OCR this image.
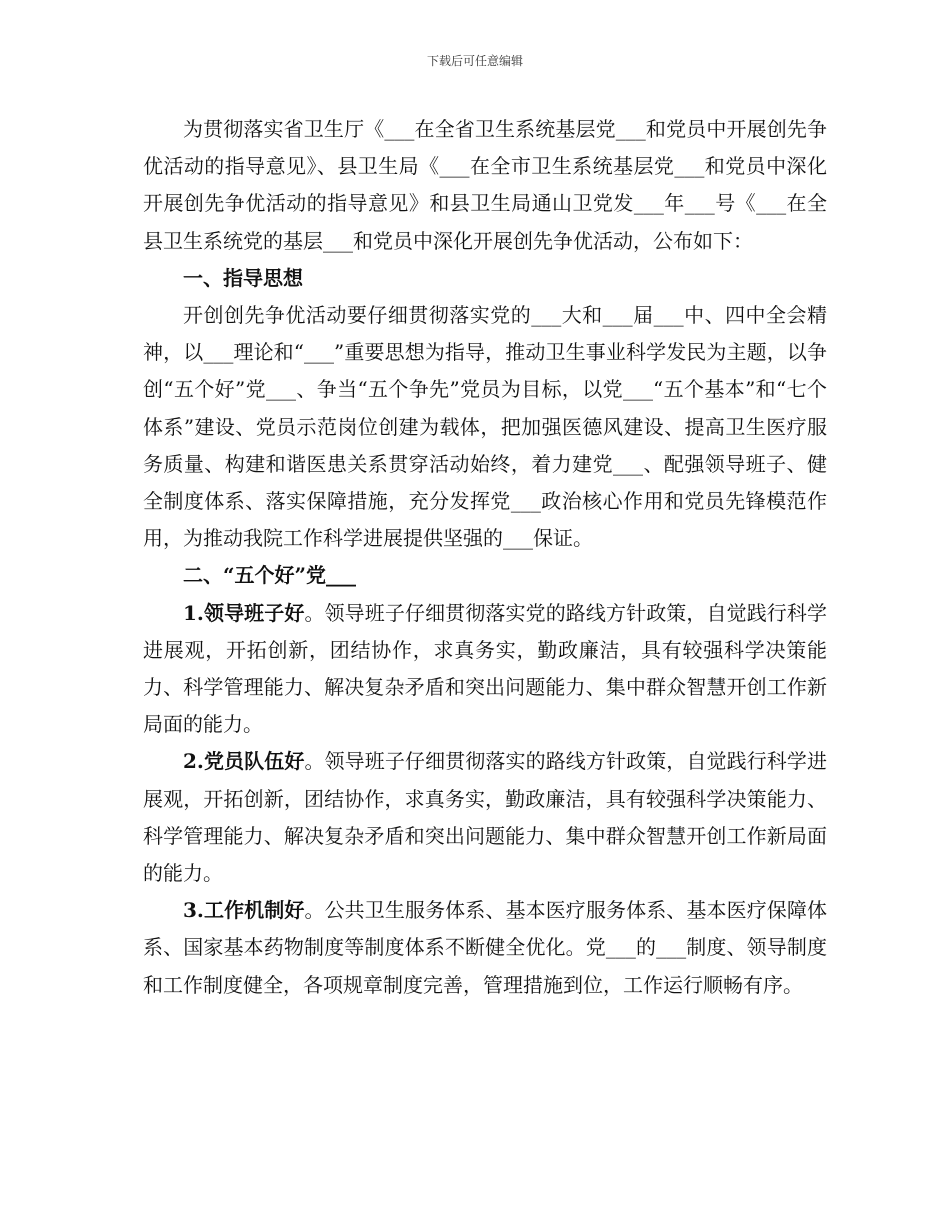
下载后可任意编辑

为贯彻落实省卫生厅《___在全省卫生系统基层党___和党员中开展创先争优活动的指导意见》、县卫生局《___在全市卫生系统基层党___和党员中深化开展创先争优活动的指导意见》和县卫生局通山卫党发___年___号《___在全县卫生系统党的基层___和党员中深化开展创先争优活动，公布如下：

一、指导思想

开创创先争优活动要仔细贯彻落实党的___大和___届___中、四中全会精神，以___理论和“___”重要思想为指导，推动卫生事业科学发民为主题，以争创“五个好”党___、争当“五个争先”党员为目标，以党___“五个基本”和“七个体系”建设、党员示范岗位创建为载体，把加强医德风建设、提高卫生医疗服务质量、构建和谐医患关系贯穿活动始终，着力建党___、配强领导班子、健全制度体系、落实保障措施，充分发挥党___政治核心作用和党员先锋模范作用，为推动我院工作科学进展提供坚强的___保证。

二、“五个好”党___

1.领导班子好。领导班子仔细贯彻落实党的路线方针政策，自觉践行科学进展观，开拓创新，团结协作，求真务实，勤政廉洁，具有较强科学决策能力、科学管理能力、解决复杂矛盾和突出问题能力、集中群众智慧开创工作新局面的能力。

2.党员队伍好。领导班子仔细贯彻落实的路线方针政策，自觉践行科学进展观，开拓创新，团结协作，求真务实，勤政廉洁，具有较强科学决策能力、科学管理能力、解决复杂矛盾和突出问题能力、集中群众智慧开创工作新局面的能力。

3.工作机制好。公共卫生服务体系、基本医疗服务体系、基本医疗保障体系、国家基本药物制度等制度体系不断健全优化。党___的___制度、领导制度和工作制度健全，各项规章制度完善，管理措施到位，工作运行顺畅有序。
